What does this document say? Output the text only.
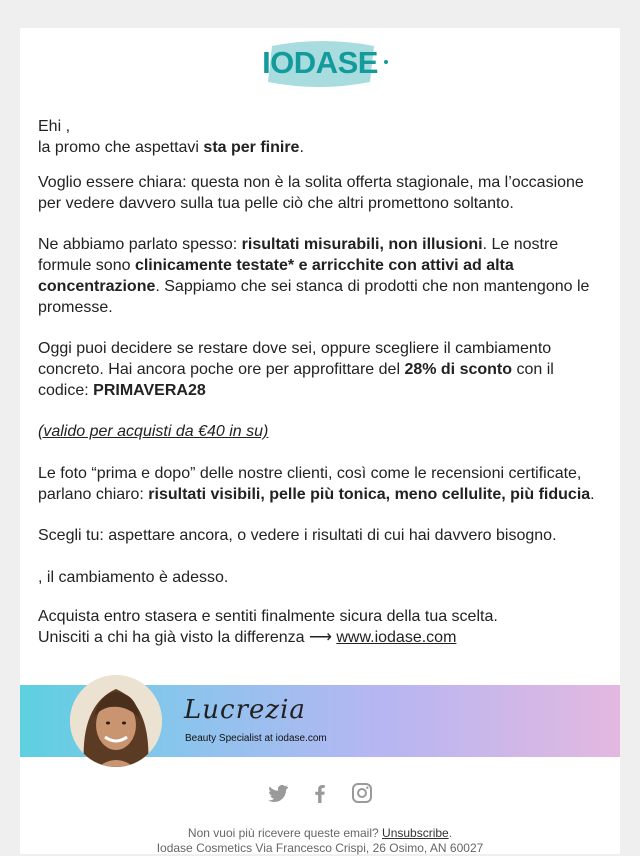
IODASE
Ehi ,
la promo che aspettavi sta per finire.
Voglio essere chiara: questa non è la solita offerta stagionale, ma l’occasione per vedere davvero sulla tua pelle ciò che altri promettono soltanto.
Ne abbiamo parlato spesso: risultati misurabili, non illusioni. Le nostre formule sono clinicamente testate* e arricchite con attivi ad alta concentrazione. Sappiamo che sei stanca di prodotti che non mantengono le promesse.
Oggi puoi decidere se restare dove sei, oppure scegliere il cambiamento concreto. Hai ancora poche ore per approfittare del 28% di sconto con il codice: PRIMAVERA28
(valido per acquisti da €40 in su)
Le foto “prima e dopo” delle nostre clienti, così come le recensioni certificate, parlano chiaro: risultati visibili, pelle più tonica, meno cellulite, più fiducia.
Scegli tu: aspettare ancora, o vedere i risultati di cui hai davvero bisogno.
, il cambiamento è adesso.
Acquista entro stasera e sentiti finalmente sicura della tua scelta.
Unisciti a chi ha già visto la differenza ⟶ www.iodase.com
Lucrezia
Beauty Specialist at iodase.com
Non vuoi più ricevere queste email? Unsubscribe.
Iodase Cosmetics Via Francesco Crispi, 26 Osimo, AN 60027
